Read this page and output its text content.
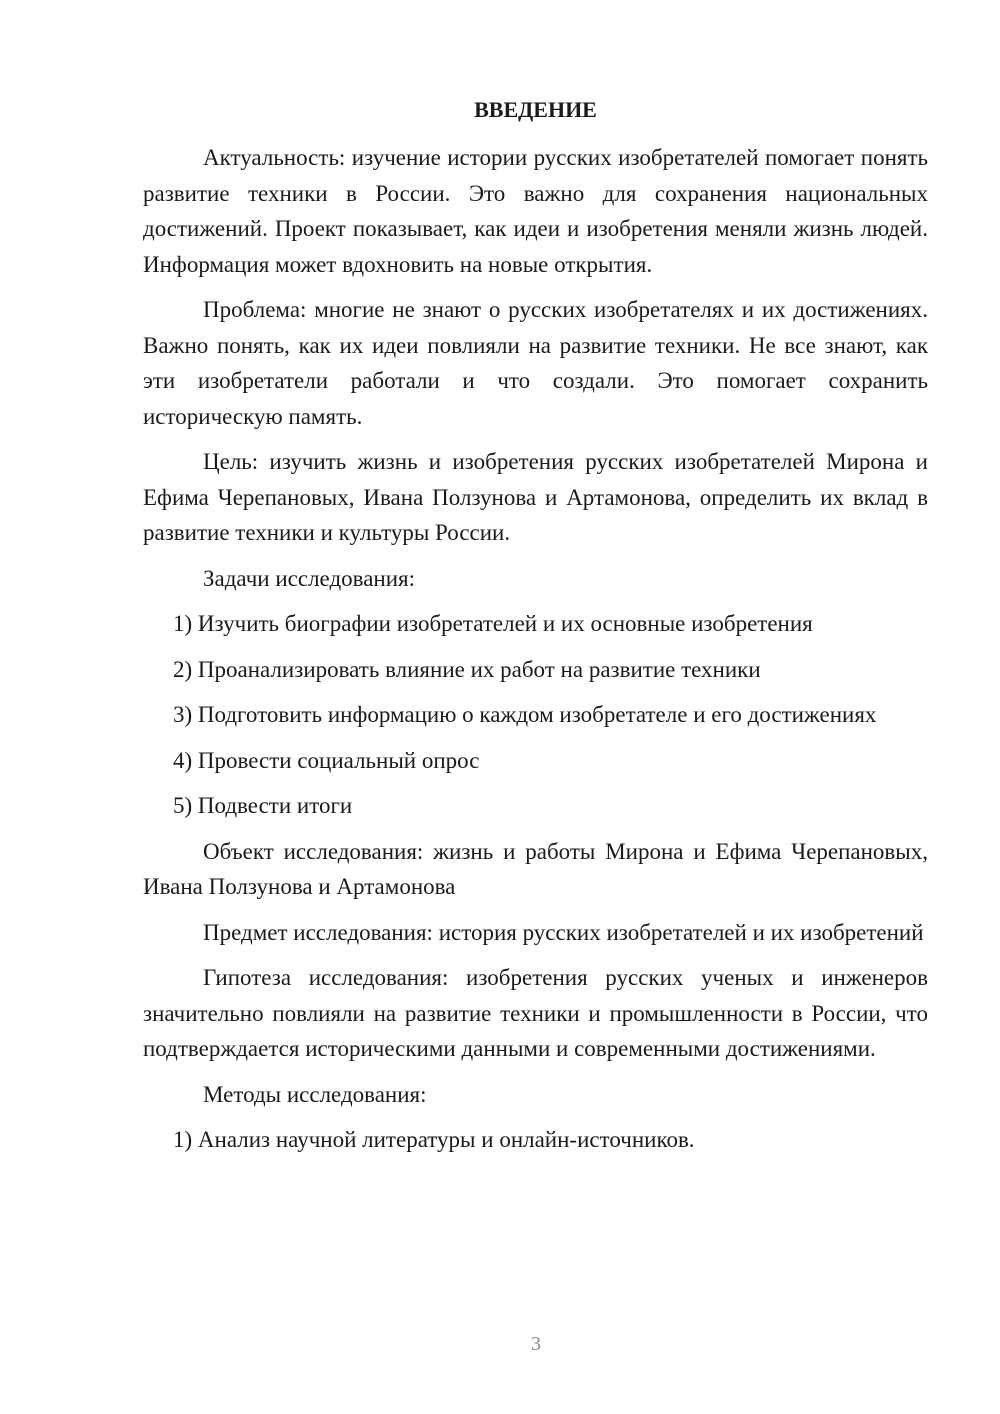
ВВЕДЕНИЕ

Актуальность: изучение истории русских изобретателей помогает понять развитие техники в России. Это важно для сохранения национальных достижений. Проект показывает, как идеи и изобретения меняли жизнь людей. Информация может вдохновить на новые открытия.

Проблема: многие не знают о русских изобретателях и их достижениях. Важно понять, как их идеи повлияли на развитие техники. Не все знают, как эти изобретатели работали и что создали. Это помогает сохранить историческую память.

Цель: изучить жизнь и изобретения русских изобретателей Мирона и Ефима Черепановых, Ивана Ползунова и Артамонова, определить их вклад в развитие техники и культуры России.

Задачи исследования:

1) Изучить биографии изобретателей и их основные изобретения

2) Проанализировать влияние их работ на развитие техники

3) Подготовить информацию о каждом изобретателе и его достижениях

4) Провести социальный опрос

5) Подвести итоги

Объект исследования: жизнь и работы Мирона и Ефима Черепановых, Ивана Ползунова и Артамонова

Предмет исследования: история русских изобретателей и их изобретений

Гипотеза исследования: изобретения русских ученых и инженеров значительно повлияли на развитие техники и промышленности в России, что подтверждается историческими данными и современными достижениями.

Методы исследования:

1) Анализ научной литературы и онлайн-источников.

3
